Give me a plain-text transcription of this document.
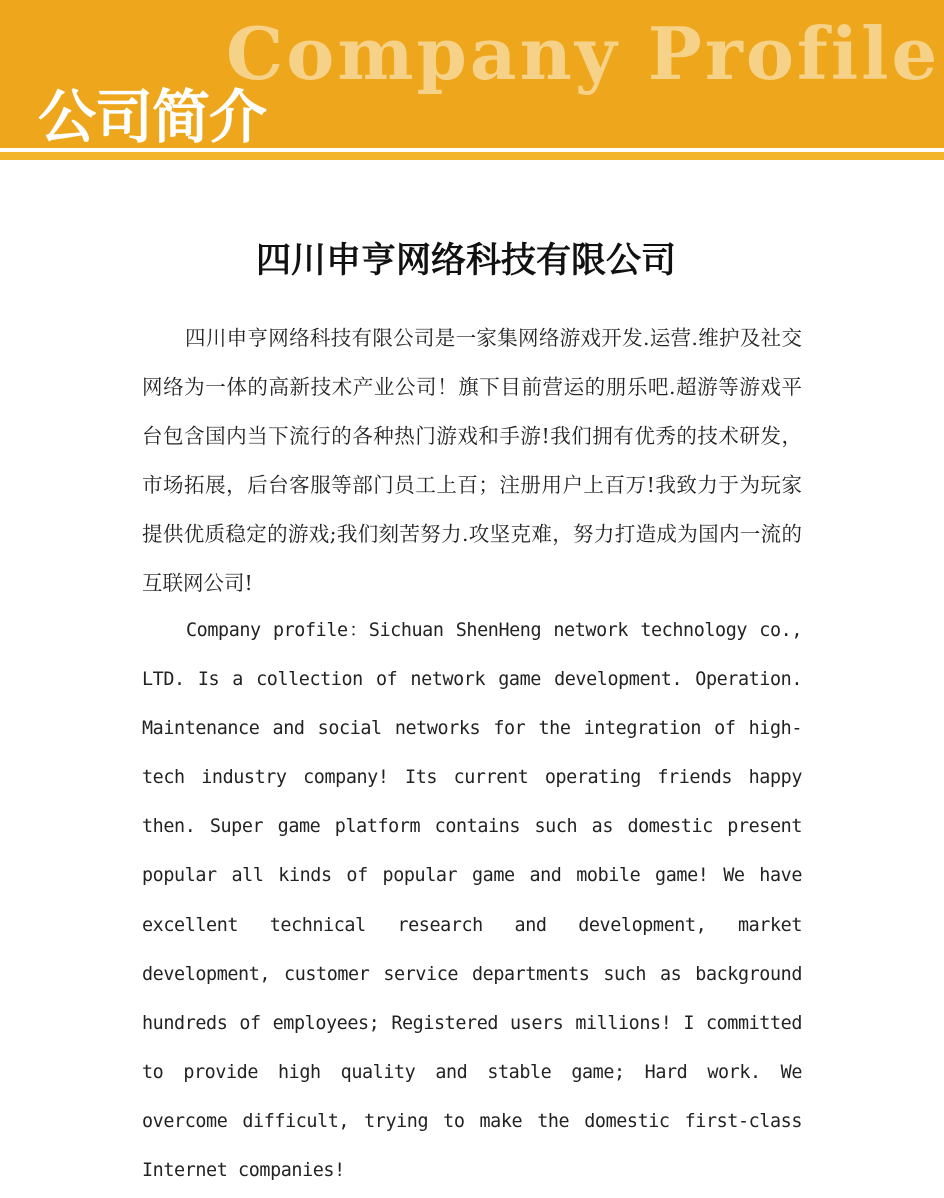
Company Profile
公司简介
四川申亨网络科技有限公司

四川申亨网络科技有限公司是一家集网络游戏开发.运营.维护及社交网络为一体的高新技术产业公司！旗下目前营运的朋乐吧.超游等游戏平台包含国内当下流行的各种热门游戏和手游!我们拥有优秀的技术研发，市场拓展，后台客服等部门员工上百；注册用户上百万!我致力于为玩家提供优质稳定的游戏;我们刻苦努力.攻坚克难，努力打造成为国内一流的互联网公司!

Company profile：Sichuan ShenHeng network technology co., LTD. Is a collection of network game development. Operation. Maintenance and social networks for the integration of high-tech industry company! Its current operating friends happy then. Super game platform contains such as domestic present popular all kinds of popular game and mobile game! We have excellent technical research and development, market development, customer service departments such as background hundreds of employees; Registered users millions! I committed to provide high quality and stable game; Hard work. We overcome difficult, trying to make the domestic first-class Internet companies!
